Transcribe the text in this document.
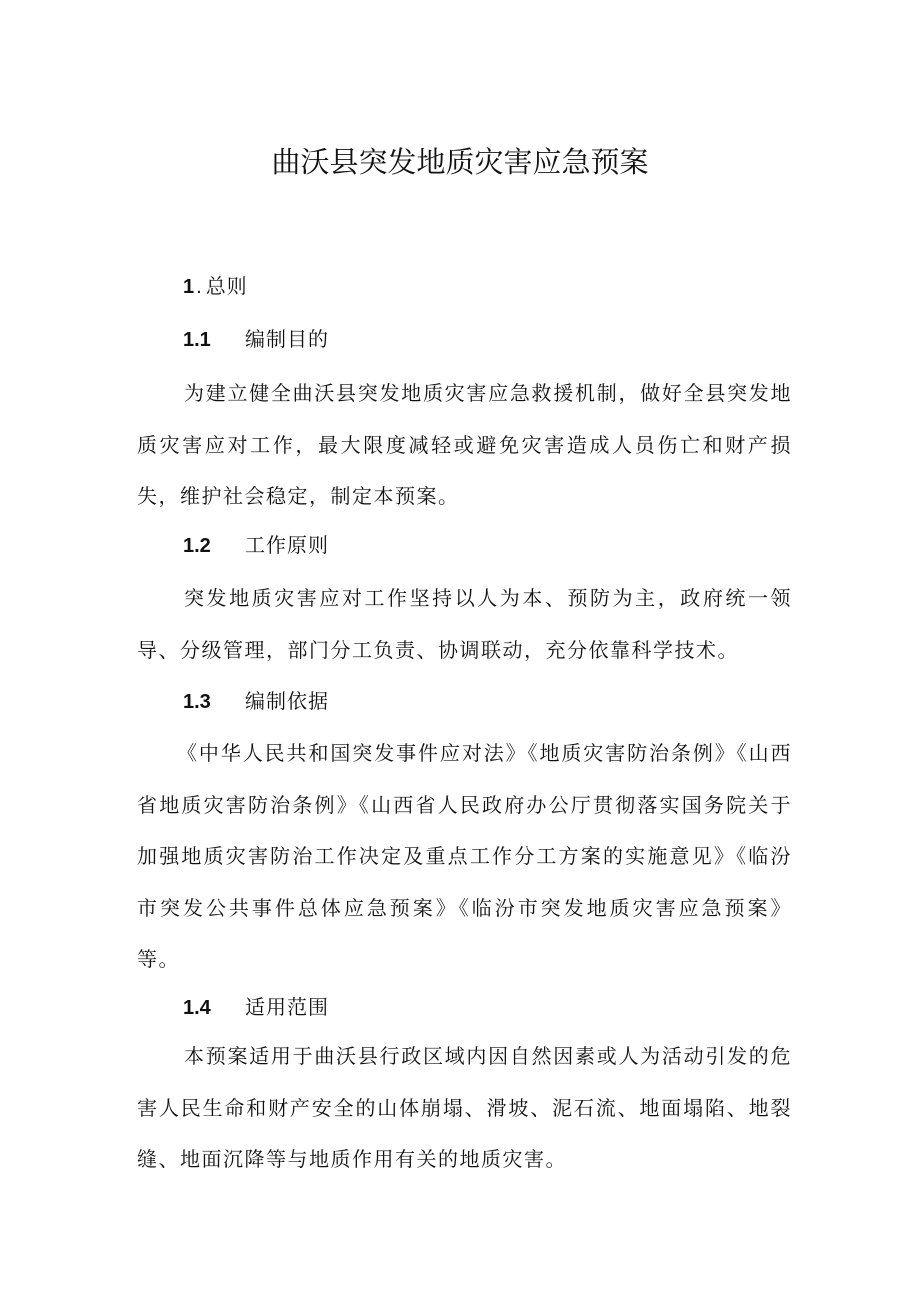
曲沃县突发地质灾害应急预案
1 . 总则
1.1 编制目的

为建立健全曲沃县突发地质灾害应急救援机制，做好全县突发地质灾害应对工作，最大限度减轻或避免灾害造成人员伤亡和财产损失，维护社会稳定，制定本预案。

1.2 工作原则

突发地质灾害应对工作坚持以人为本、预防为主，政府统一领导、分级管理，部门分工负责、协调联动，充分依靠科学技术。

1.3 编制依据

《中华人民共和国突发事件应对法》《地质灾害防治条例》《山西省地质灾害防治条例》《山西省人民政府办公厅贯彻落实国务院关于加强地质灾害防治工作决定及重点工作分工方案的实施意见》《临汾市突发公共事件总体应急预案》《临汾市突发地质灾害应急预案》等。

1.4 适用范围

本预案适用于曲沃县行政区域内因自然因素或人为活动引发的危害人民生命和财产安全的山体崩塌、滑坡、泥石流、地面塌陷、地裂缝、地面沉降等与地质作用有关的地质灾害。
